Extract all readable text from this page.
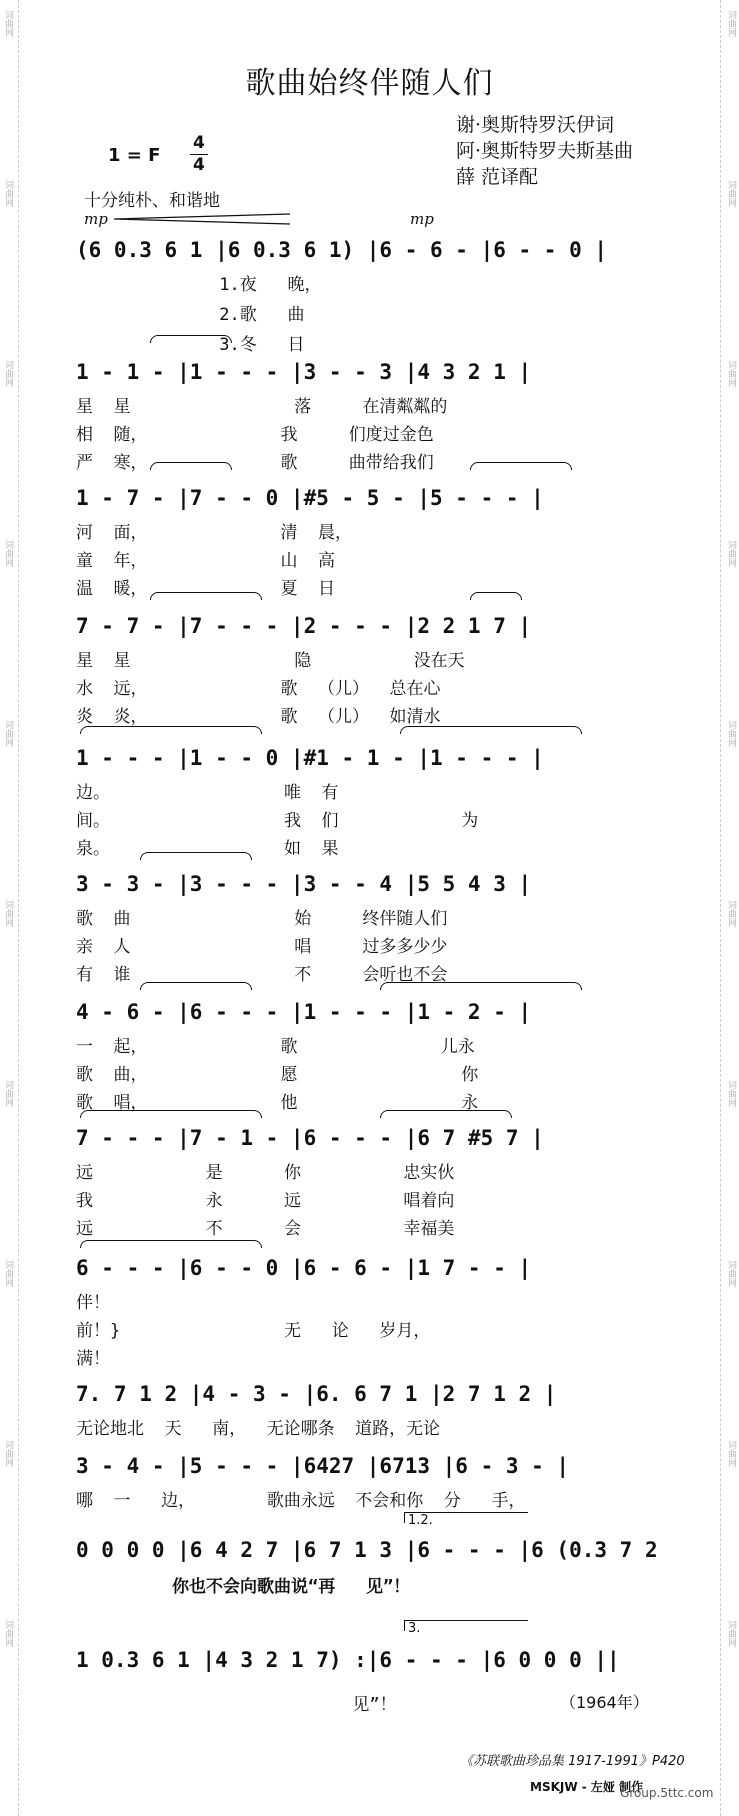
词曲网
词曲网
词曲网
词曲网
词曲网
词曲网
词曲网
词曲网
词曲网
词曲网
词曲网
词曲网
词曲网
词曲网
词曲网
词曲网
词曲网
词曲网
词曲网
词曲网
歌曲始终伴随人们
谢·奥斯特罗沃伊词
阿·奥斯特罗夫斯基曲
薛 范译配
1 = F
4
4
十分纯朴、和谐地
mp	mp
(6 0.3 6 1 |6 0.3 6 1) |6 - 6 - |6 - - 0 |
1.夜   晚，
2.歌   曲
3.冬   日
1 - 1 - |1 - - - |3 - - 3 |4 3 2 1 |
星  星                落     在清粼粼的
相  随，             我     们度过金色
严  寒，             歌     曲带给我们
1 - 7 - |7 - - 0 |#5 - 5 - |5 - - - |
河  面，             清  晨，
童  年，             山  高
温  暖，             夏  日
7 - 7 - |7 - - - |2 - - - |2 2 1 7 |
星  星                隐          没在天
水  远，             歌  （儿）  总在心
炎  炎，             歌  （儿）  如清水
1 - - - |1 - - 0 |#1 - 1 - |1 - - - |
边。                 唯  有
间。                 我  们            为
泉。                 如  果
3 - 3 - |3 - - - |3 - - 4 |5 5 4 3 |
歌  曲                始     终伴随人们
亲  人                唱     过多多少少
有  谁                不     会听也不会
4 - 6 - |6 - - - |1 - - - |1 - 2 - |
一  起，             歌              儿永
歌  曲，             愿                你
歌  唱，             他                永
7 - - - |7 - 1 - |6 - - - |6 7 #5 7 |
远           是      你          忠实伙
我           永      远          唱着向
远           不      会          幸福美
6 - - - |6 - - 0 |6 - 6 - |1 7 - - |
伴！
前！}                无   论   岁月，
满！
7. 7 1 2 |4 - 3 - |6. 6 7 1 |2 7 1 2 |
无论地北  天   南，  无论哪条  道路，无论
3 - 4 - |5 - - - |6427 |6713 |6 - 3 - |
哪  一   边，       歌曲永远  不会和你  分   手，
1.2.
0 0 0 0 |6 4 2 7 |6 7 1 3 |6 - - - |6 (0.3 7 2
你也不会向歌曲说“再   见”！
3.
1 0.3 6 1 |4 3 2 1 7) :|6 - - - |6 0 0 0 ||
见”！	（1964年）
《苏联歌曲珍品集 1917-1991》P420
MSKJW - 左娅 制作
Group.5ttc.com
